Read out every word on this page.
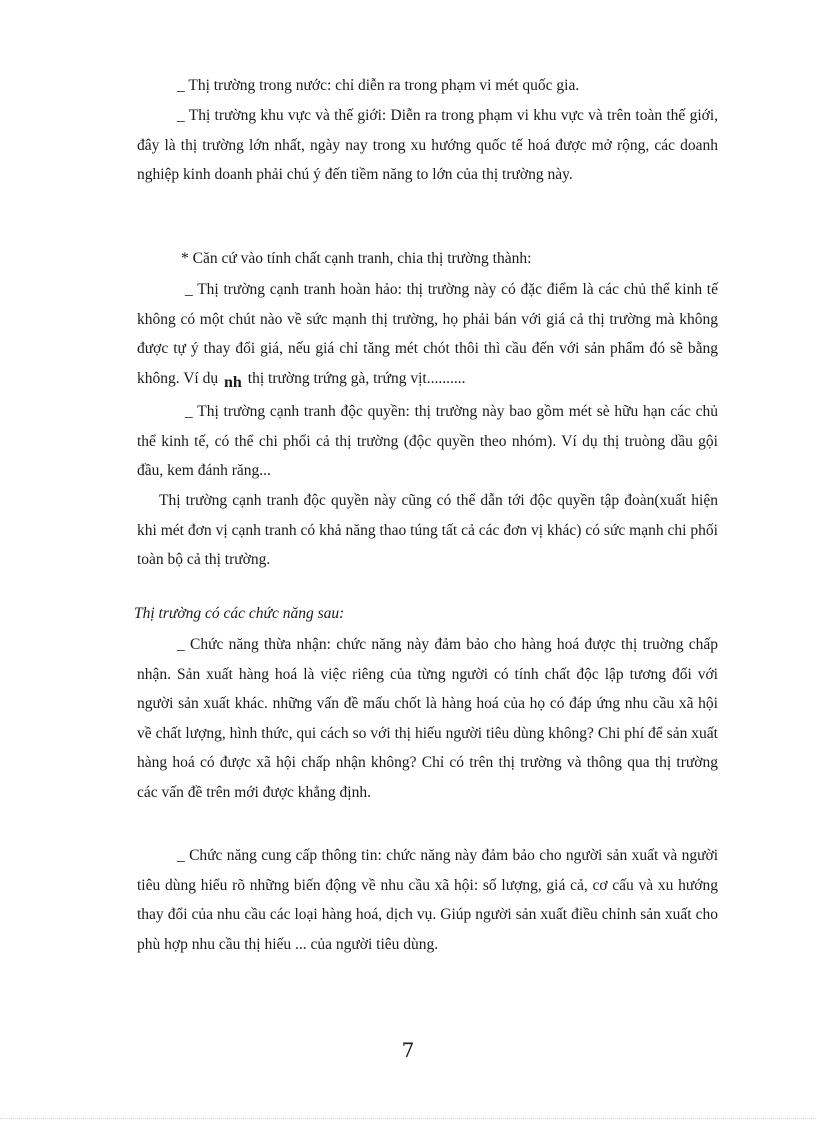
_ Thị trường trong nước: chỉ diễn ra trong phạm vi mét quốc gia.

_ Thị trường khu vực và thế giới: Diễn ra trong phạm vi khu vực và trên toàn thế giới, đây là thị trường lớn nhất, ngày nay trong xu hướng quốc tế hoá được mở rộng, các doanh nghiệp kinh doanh phải chú ý đến tiềm năng to lớn của thị trường này.

* Căn cứ vào tính chất cạnh tranh, chia thị trường thành:

_ Thị trường cạnh tranh hoàn hảo: thị trường này có đặc điểm là các chủ thể kinh tế không có một chút nào về sức mạnh thị trường, họ phải bán với giá cả thị trường mà không được tự ý thay đổi giá, nếu giá chỉ tăng mét chót thôi thì cầu đến với sản phẩm đó sẽ bằng không. Ví dụ nh thị trường trứng gà, trứng vịt..........

_ Thị trường cạnh tranh độc quyền: thị trường này bao gồm mét sè hữu hạn các chủ thể kinh tế, có thể chi phối cả thị trường (độc quyền theo nhóm). Ví dụ thị truòng dầu gội đầu, kem đánh răng...

Thị trường cạnh tranh độc quyền này cũng có thể dẫn tới độc quyền tập đoàn(xuất hiện khi mét đơn vị cạnh tranh có khả năng thao túng tất cả các đơn vị khác) có sức mạnh chi phối toàn bộ cả thị trường.

Thị trường có các chức năng sau:

_ Chức năng thừa nhận: chức năng này đảm bảo cho hàng hoá được thị truờng chấp nhận. Sản xuất hàng hoá là việc riêng của từng người có tính chất độc lập tương đối với người sản xuất khác. những vấn đề mấu chốt là hàng hoá của họ có đáp ứng nhu cầu xã hội về chất lượng, hình thức, qui cách so với thị hiếu người tiêu dùng không? Chi phí để sản xuất hàng hoá có được xã hội chấp nhận không? Chỉ có trên thị trường và thông qua thị trường các vấn đề trên mới được khẳng định.

_ Chức năng cung cấp thông tin: chức năng này đảm bảo cho người sản xuất và người tiêu dùng hiểu rõ những biến động về nhu cầu xã hội: số lượng, giá cả, cơ cấu và xu hướng thay đổi của nhu cầu các loại hàng hoá, dịch vụ. Giúp người sản xuất điều chỉnh sản xuất cho phù hợp nhu cầu thị hiếu ... của người tiêu dùng.

7
